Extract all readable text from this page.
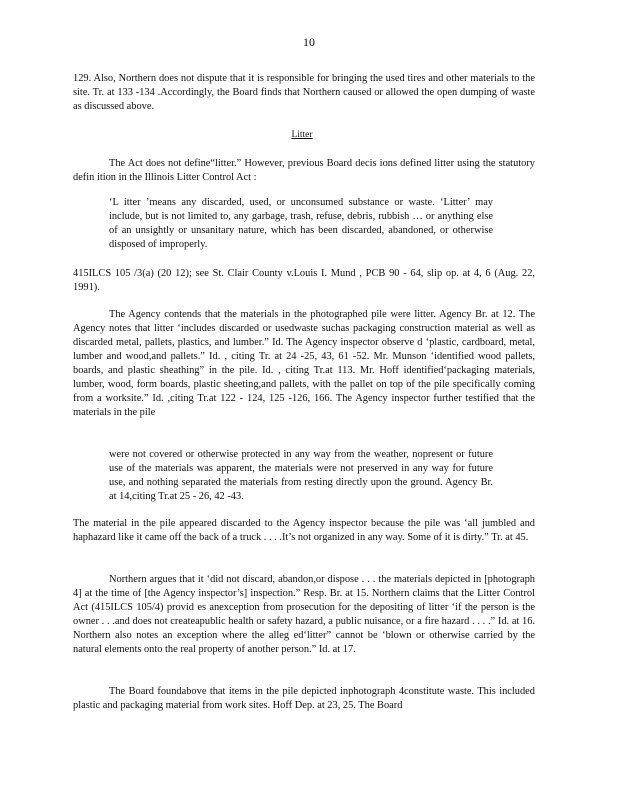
10

129. Also, Northern does not dispute that it is responsible for bringing the used tires and other materials to the site. Tr. at 133 -134 .Accordingly, the Board finds that Northern caused or allowed the open dumping of waste as discussed above.

Litter

The Act does not define“litter.” However, previous Board decis ions defined litter using the statutory defin ition in the Illinois Litter Control Act :

‘L itter ’means any discarded, used, or unconsumed substance or waste. ‘Litter’ may include, but is not limited to, any garbage, trash, refuse, debris, rubbish … or anything else of an unsightly or unsanitary nature, which has been discarded, abandoned, or otherwise disposed of improperly.

415ILCS 105 /3(a) (20 12); see St. Clair County v.Louis I. Mund , PCB 90 - 64, slip op. at 4, 6 (Aug. 22, 1991).

The Agency contends that the materials in the photographed pile were litter. Agency Br. at 12. The Agency notes that litter ‘includes discarded or usedwaste suchas packaging construction material as well as discarded metal, pallets, plastics, and lumber.” Id. The Agency inspector observe d ‘plastic, cardboard, metal, lumber and wood,and pallets.” Id. , citing Tr. at 24 -25, 43, 61 -52. Mr. Munson ‘identified wood pallets, boards, and plastic sheathing” in the pile. Id. , citing Tr.at 113. Mr. Hoff identified‘packaging materials, lumber, wood, form boards, plastic sheeting,and pallets, with the pallet on top of the pile specifically coming from a worksite.” Id. ,citing Tr.at 122 - 124, 125 -126, 166. The Agency inspector further testified that the materials in the pile

were not covered or otherwise protected in any way from the weather, nopresent or future use of the materials was apparent, the materials were not preserved in any way for future use, and nothing separated the materials from resting directly upon the ground. Agency Br. at 14,citing Tr.at 25 - 26, 42 -43.

The material in the pile appeared discarded to the Agency inspector because the pile was ‘all jumbled and haphazard like it came off the back of a truck . . . .It’s not organized in any way. Some of it is dirty.” Tr. at 45.

Northern argues that it ‘did not discard, abandon,or dispose . . . the materials depicted in [photograph 4] at the time of [the Agency inspector’s] inspection.” Resp. Br. at 15. Northern claims that the Litter Control Act (415ILCS 105/4) provid es anexception from prosecution for the depositing of litter ‘if the person is the owner . . .and does not createapublic health or safety hazard, a public nuisance, or a fire hazard . . . .” Id. at 16. Northern also notes an exception where the alleg ed‘litter” cannot be ‘blown or otherwise carried by the natural elements onto the real property of another person.” Id. at 17.

The Board foundabove that items in the pile depicted inphotograph 4constitute waste. This included plastic and packaging material from work sites. Hoff Dep. at 23, 25. The Board
